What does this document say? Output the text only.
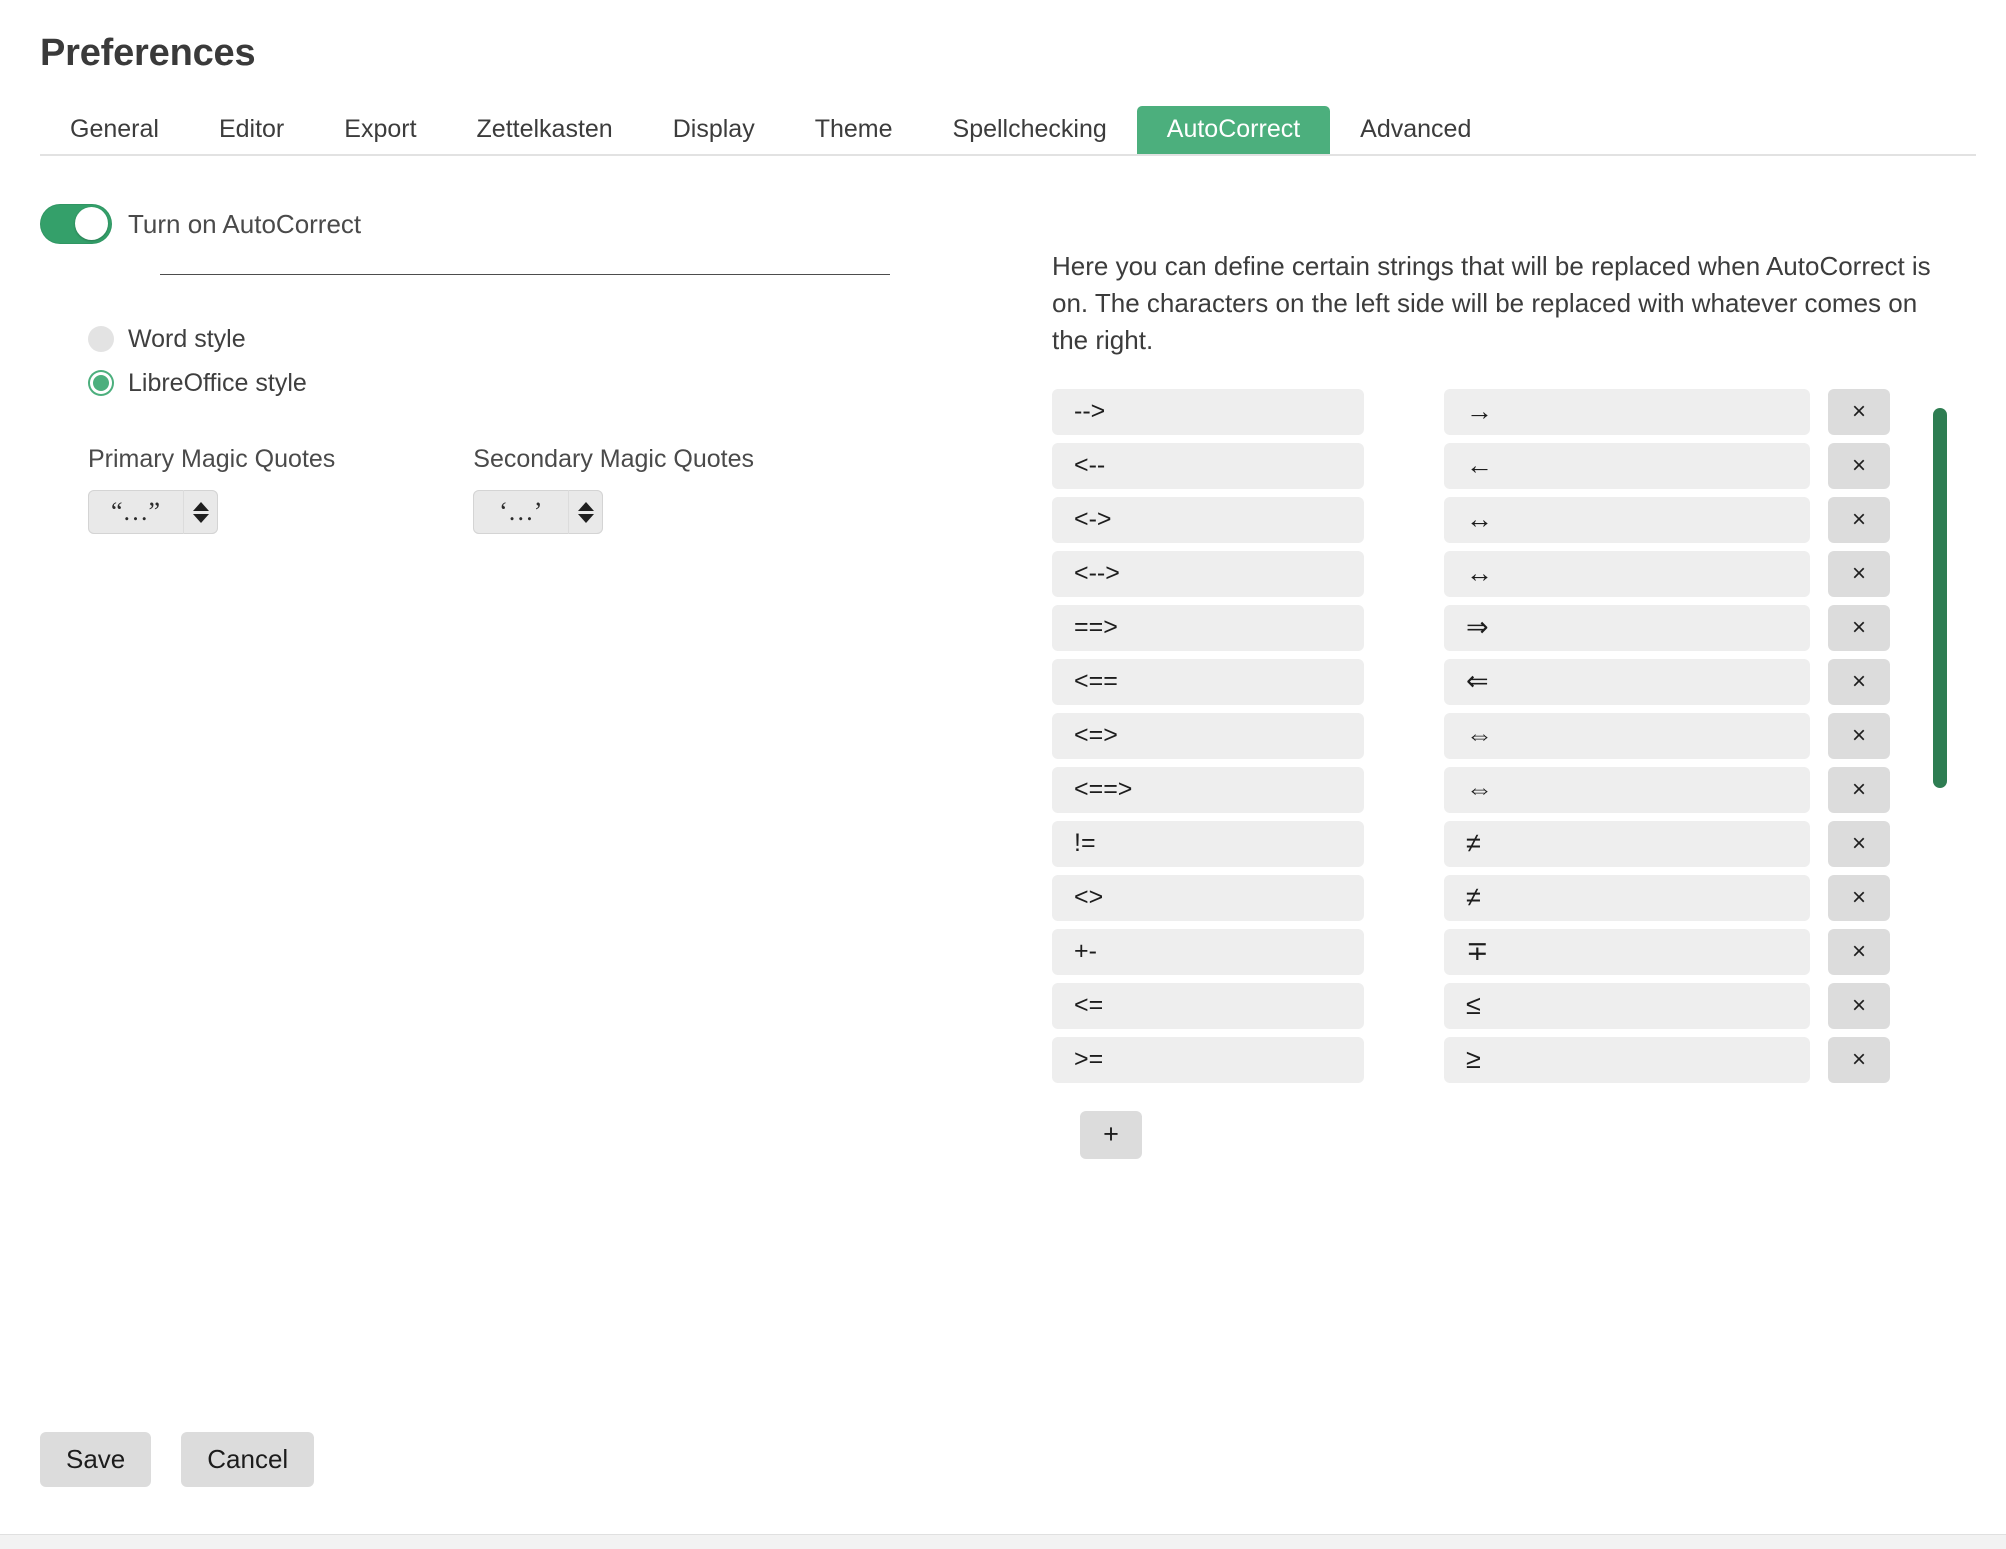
Preferences
General	Editor	Export	Zettelkasten	Display	Theme	Spellchecking	AutoCorrect	Advanced
Turn on AutoCorrect
Word style
LibreOffice style
Primary Magic Quotes
“…”
Secondary Magic Quotes
‘…’
Here you can define certain strings that will be replaced when AutoCorrect is on. The characters on the left side will be replaced with whatever comes on the right.
-->	→	×
<--	←	×
<->	↔	×
<-->	↔	×
==>	⇒	×
<==	⇐	×
<=>	⇔	×
<==>	⇔	×
!=	≠	×
<>	≠	×
+-	∓	×
<=	≤	×
>=	≥	×
+
Save	Cancel
